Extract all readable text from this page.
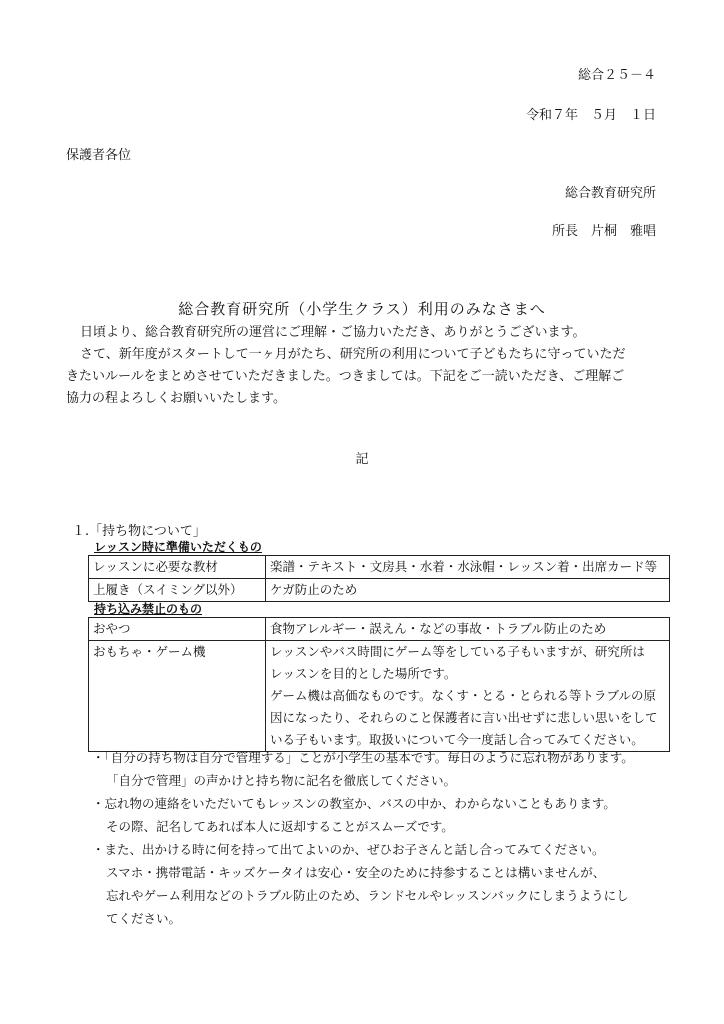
総合２５－４
令和７年　５月　１日
保護者各位
総合教育研究所
所長　片桐　雅唱
総合教育研究所（小学生クラス）利用のみなさまへ
日頃より、総合教育研究所の運営にご理解・ご協力いただき、ありがとうございます。
さて、新年度がスタートして一ヶ月がたち、研究所の利用について子どもたちに守っていただ
きたいルールをまとめさせていただきました。つきましては。下記をご一読いただき、ご理解ご
協力の程よろしくお願いいたします。
記
１.「持ち物について」
レッスン時に準備いただくもの
レッスンに必要な教材	楽譜・テキスト・文房具・水着・水泳帽・レッスン着・出席カード等
上履き（スイミング以外）	ケガ防止のため
持ち込み禁止のもの
おやつ	食物アレルギー・誤えん・などの事故・トラブル防止のため
おもちゃ・ゲーム機	レッスンやバス時間にゲーム等をしている子もいますが、研究所は
レッスンを目的とした場所です。
ゲーム機は高価なものです。なくす・とる・とられる等トラブルの原
因になったり、それらのこと保護者に言い出せずに悲しい思いをして
いる子もいます。取扱いについて今一度話し合ってみてください。
・「自分の持ち物は自分で管理する」ことが小学生の基本です。毎日のように忘れ物があります。
「自分で管理」の声かけと持ち物に記名を徹底してください。
・忘れ物の連絡をいただいてもレッスンの教室か、バスの中か、わからないこともあります。
その際、記名してあれば本人に返却することがスムーズです。
・また、出かける時に何を持って出てよいのか、ぜひお子さんと話し合ってみてください。
スマホ・携帯電話・キッズケータイは安心・安全のために持参することは構いませんが、
忘れやゲーム利用などのトラブル防止のため、ランドセルやレッスンバックにしまうようにし
てください。
